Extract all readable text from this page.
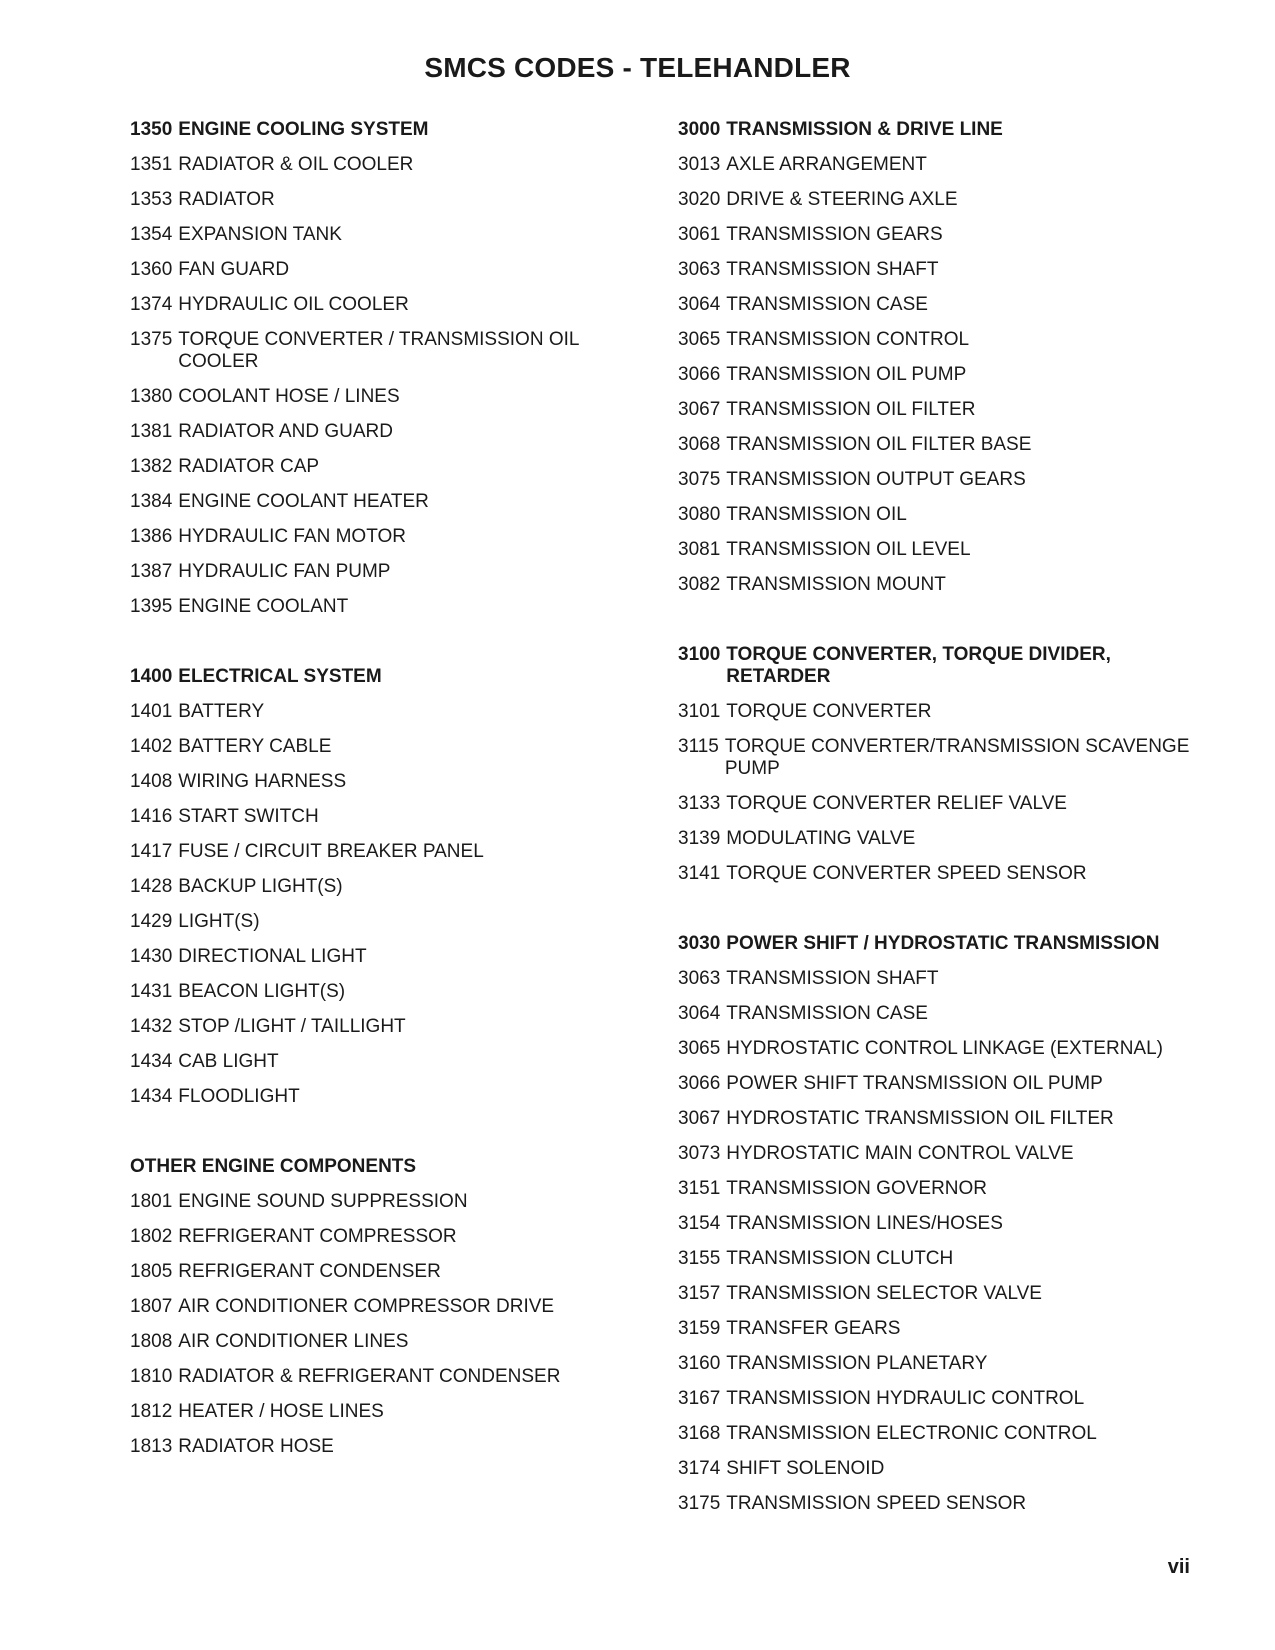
SMCS CODES - TELEHANDLER
1350 ENGINE COOLING SYSTEM
1351 RADIATOR & OIL COOLER
1353 RADIATOR
1354 EXPANSION TANK
1360 FAN GUARD
1374 HYDRAULIC OIL COOLER
1375 TORQUE CONVERTER / TRANSMISSION OIL COOLER
1380 COOLANT HOSE / LINES
1381 RADIATOR AND GUARD
1382 RADIATOR CAP
1384 ENGINE COOLANT HEATER
1386 HYDRAULIC FAN MOTOR
1387 HYDRAULIC FAN PUMP
1395 ENGINE COOLANT
1400 ELECTRICAL SYSTEM
1401 BATTERY
1402 BATTERY CABLE
1408 WIRING HARNESS
1416 START SWITCH
1417 FUSE / CIRCUIT BREAKER PANEL
1428 BACKUP LIGHT(S)
1429 LIGHT(S)
1430 DIRECTIONAL LIGHT
1431 BEACON LIGHT(S)
1432 STOP /LIGHT / TAILLIGHT
1434 CAB LIGHT
1434 FLOODLIGHT
OTHER ENGINE COMPONENTS
1801 ENGINE SOUND SUPPRESSION
1802 REFRIGERANT COMPRESSOR
1805 REFRIGERANT CONDENSER
1807 AIR CONDITIONER COMPRESSOR DRIVE
1808 AIR CONDITIONER LINES
1810 RADIATOR & REFRIGERANT CONDENSER
1812 HEATER / HOSE LINES
1813 RADIATOR HOSE
3000 TRANSMISSION & DRIVE LINE
3013 AXLE ARRANGEMENT
3020 DRIVE & STEERING AXLE
3061 TRANSMISSION GEARS
3063 TRANSMISSION SHAFT
3064 TRANSMISSION CASE
3065 TRANSMISSION CONTROL
3066 TRANSMISSION OIL PUMP
3067 TRANSMISSION OIL FILTER
3068 TRANSMISSION OIL FILTER BASE
3075 TRANSMISSION OUTPUT GEARS
3080 TRANSMISSION OIL
3081 TRANSMISSION OIL LEVEL
3082 TRANSMISSION MOUNT
3100 TORQUE CONVERTER, TORQUE DIVIDER, RETARDER
3101 TORQUE CONVERTER
3115 TORQUE CONVERTER/TRANSMISSION SCAVENGE PUMP
3133 TORQUE CONVERTER RELIEF VALVE
3139 MODULATING VALVE
3141 TORQUE CONVERTER SPEED SENSOR
3030 POWER SHIFT / HYDROSTATIC TRANSMISSION
3063 TRANSMISSION SHAFT
3064 TRANSMISSION CASE
3065 HYDROSTATIC CONTROL LINKAGE (EXTERNAL)
3066 POWER SHIFT TRANSMISSION OIL PUMP
3067 HYDROSTATIC TRANSMISSION OIL FILTER
3073 HYDROSTATIC MAIN CONTROL VALVE
3151 TRANSMISSION GOVERNOR
3154 TRANSMISSION LINES/HOSES
3155 TRANSMISSION CLUTCH
3157 TRANSMISSION SELECTOR VALVE
3159 TRANSFER GEARS
3160 TRANSMISSION PLANETARY
3167 TRANSMISSION HYDRAULIC CONTROL
3168 TRANSMISSION ELECTRONIC CONTROL
3174 SHIFT SOLENOID
3175 TRANSMISSION SPEED SENSOR
vii
